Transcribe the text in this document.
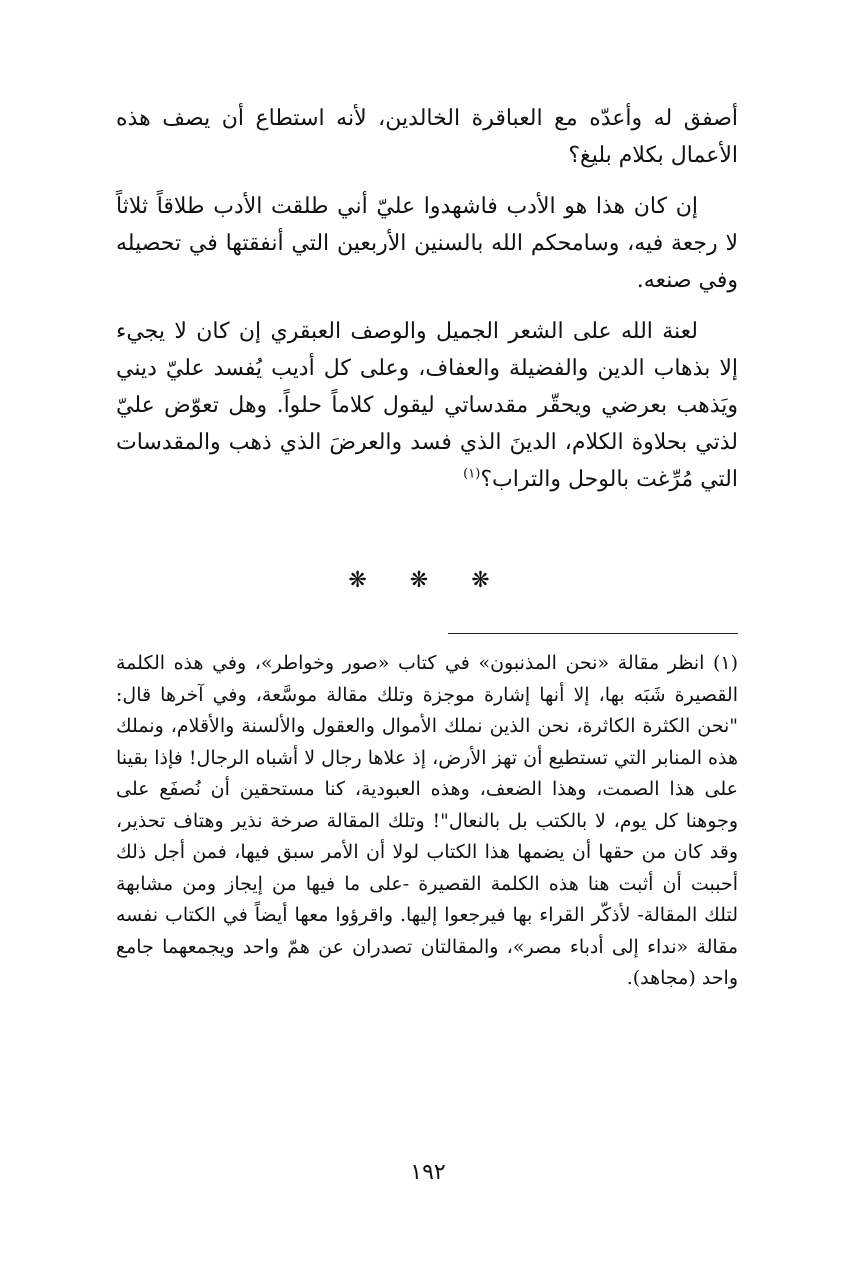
أصفق له وأعدّه مع العباقرة الخالدين، لأنه استطاع أن يصف هذه الأعمال بكلام بليغ؟

إن كان هذا هو الأدب فاشهدوا عليّ أني طلقت الأدب طلاقاً ثلاثاً لا رجعة فيه، وسامحكم الله بالسنين الأربعين التي أنفقتها في تحصيله وفي صنعه.

لعنة الله على الشعر الجميل والوصف العبقري إن كان لا يجيء إلا بذهاب الدين والفضيلة والعفاف، وعلى كل أديب يُفسد عليّ ديني ويَذهب بعرضي ويحقّر مقدساتي ليقول كلاماً حلواً. وهل تعوّض عليّ لذتي بحلاوة الكلام، الدينَ الذي فسد والعرضَ الذي ذهب والمقدسات التي مُرِّغت بالوحل والتراب؟$^{(١)}$

❋ ❋ ❋

(١) انظر مقالة «نحن المذنبون» في كتاب «صور وخواطر»، وفي هذه الكلمة القصيرة شَبَه بها، إلا أنها إشارة موجزة وتلك مقالة موسَّعة، وفي آخرها قال: "نحن الكثرة الكاثرة، نحن الذين نملك الأموال والعقول والألسنة والأقلام، ونملك هذه المنابر التي تستطيع أن تهز الأرض، إذ علاها رجال لا أشباه الرجال! فإذا بقينا على هذا الصمت، وهذا الضعف، وهذه العبودية، كنا مستحقين أن نُصفَع على وجوهنا كل يوم، لا بالكتب بل بالنعال"! وتلك المقالة صرخة نذير وهتاف تحذير، وقد كان من حقها أن يضمها هذا الكتاب لولا أن الأمر سبق فيها، فمن أجل ذلك أحببت أن أثبت هنا هذه الكلمة القصيرة -على ما فيها من إيجاز ومن مشابهة لتلك المقالة- لأذكّر القراء بها فيرجعوا إليها. واقرؤوا معها أيضاً في الكتاب نفسه مقالة «نداء إلى أدباء مصر»، والمقالتان تصدران عن همّ واحد ويجمعهما جامع واحد (مجاهد).

١٩٢
